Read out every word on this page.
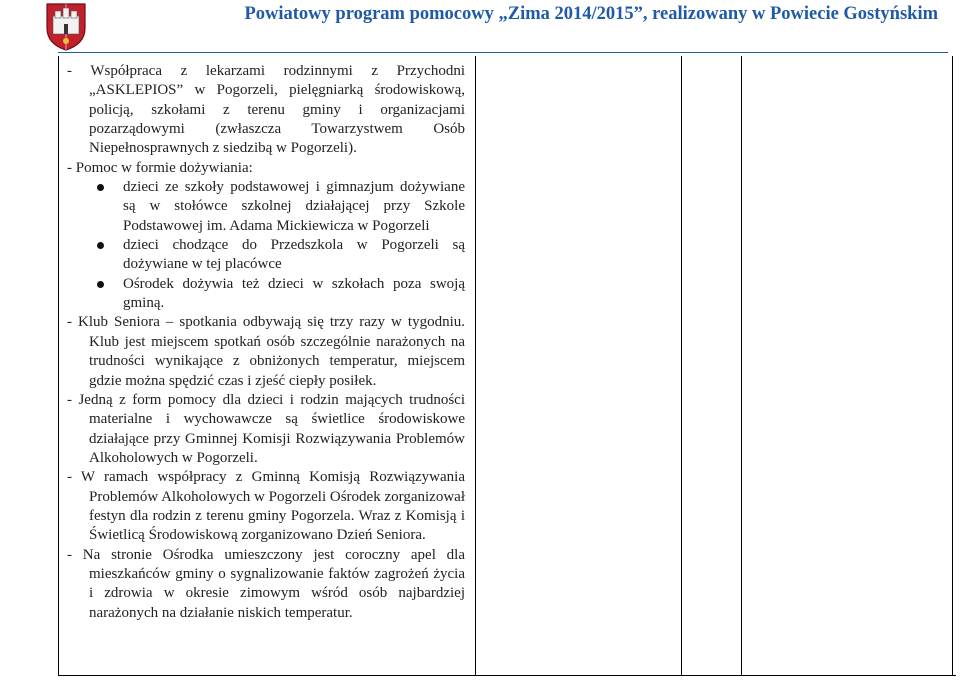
Powiatowy program pomocowy „Zima 2014/2015”, realizowany w Powiecie Gostyńskim

- Współpraca z lekarzami rodzinnymi z Przychodni „ASKLEPIOS” w Pogorzeli, pielęgniarką środowiskową, policją, szkołami z terenu gminy i organizacjami pozarządowymi (zwłaszcza Towarzystwem Osób Niepełnosprawnych z siedzibą w Pogorzeli).

- Pomoc w formie dożywiania:

dzieci ze szkoły podstawowej i gimnazjum dożywiane są w stołówce szkolnej działającej przy Szkole Podstawowej im. Adama Mickiewicza w Pogorzeli

dzieci chodzące do Przedszkola w Pogorzeli są dożywiane w tej placówce

Ośrodek dożywia też dzieci w szkołach poza swoją gminą.

- Klub Seniora – spotkania odbywają się trzy razy w tygodniu. Klub jest miejscem spotkań osób szczególnie narażonych na trudności wynikające z obniżonych temperatur, miejscem gdzie można spędzić czas i zjeść ciepły posiłek.

- Jedną z form pomocy dla dzieci i rodzin mających trudności materialne i wychowawcze są świetlice środowiskowe działające przy Gminnej Komisji Rozwiązywania Problemów Alkoholowych w Pogorzeli.

- W ramach współpracy z Gminną Komisją Rozwiązywania Problemów Alkoholowych w Pogorzeli Ośrodek zorganizował festyn dla rodzin z terenu gminy Pogorzela. Wraz z Komisją i Świetlicą Środowiskową zorganizowano Dzień Seniora.

- Na stronie Ośrodka umieszczony jest coroczny apel dla mieszkańców gminy o sygnalizowanie faktów zagrożeń życia i zdrowia w okresie zimowym wśród osób najbardziej narażonych na działanie niskich temperatur.
